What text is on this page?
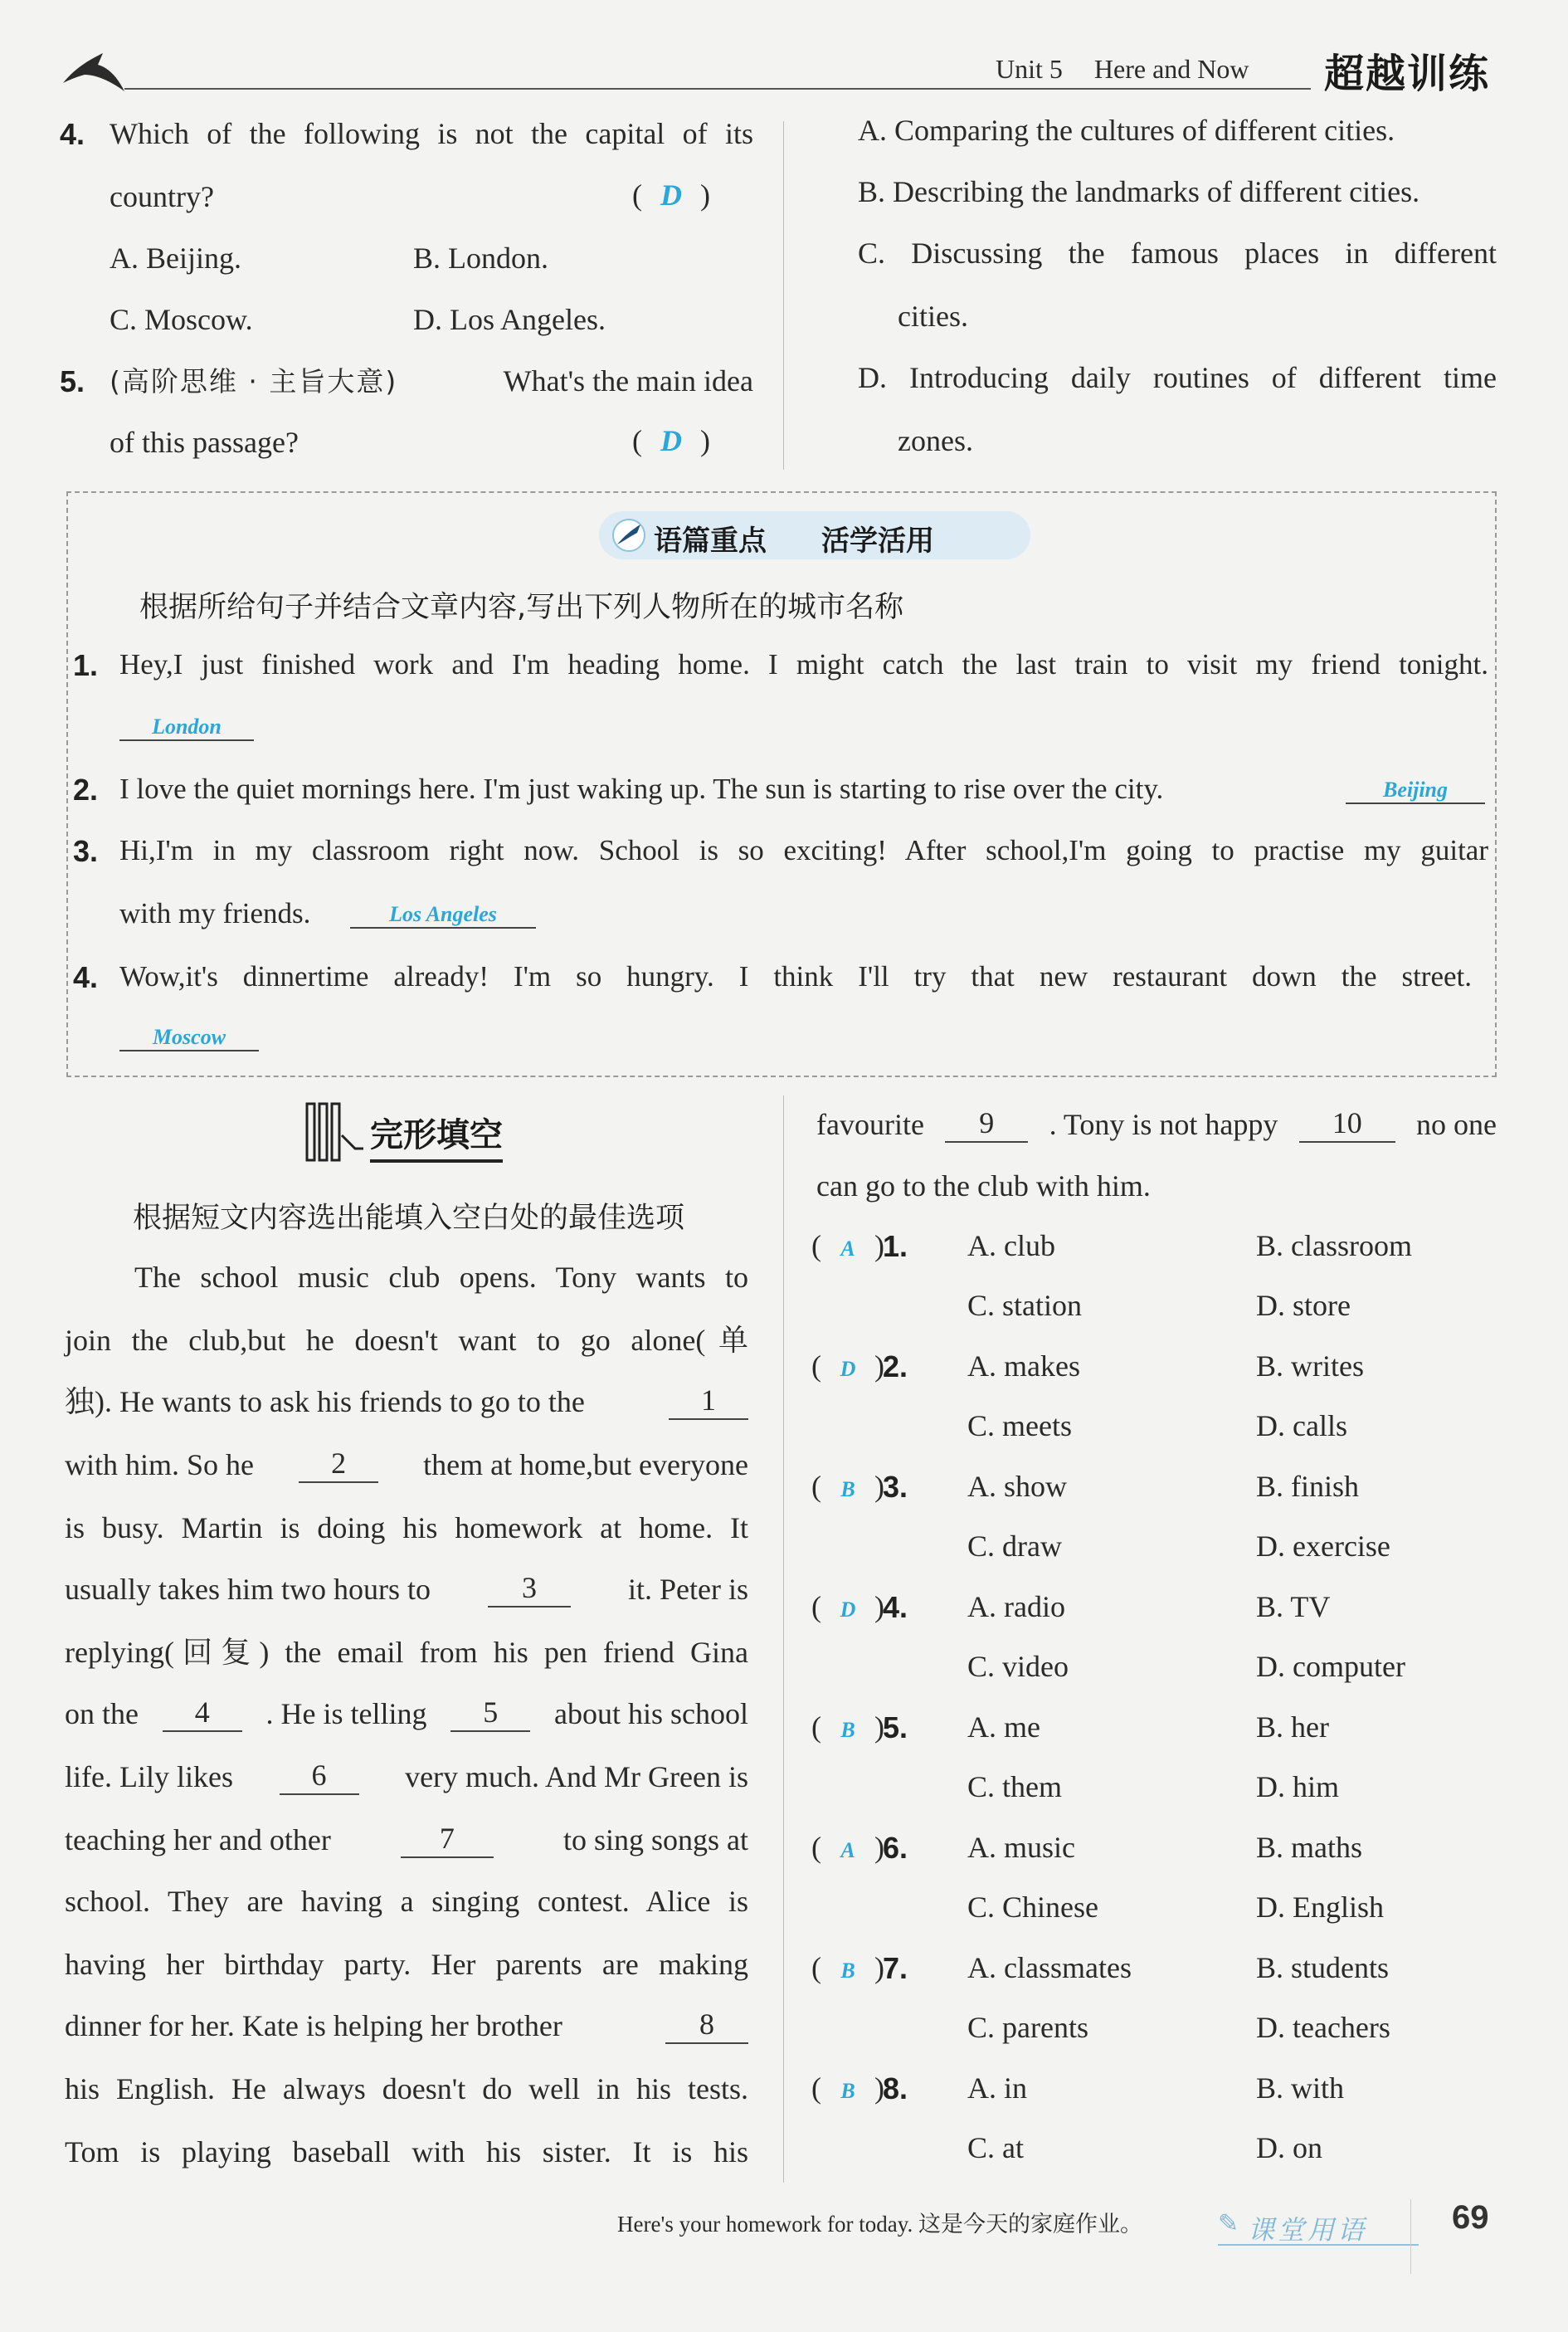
Unit 5 Here and Now 超越训练
4. Which of the following is not the capital of its
country?	( D )
A. Beijing.	B. London.
C. Moscow.	D. Los Angeles.
5. (高阶思维 · 主旨大意)	What's the main idea
of this passage?	( D )
A. Comparing the cultures of different cities.
B. Describing the landmarks of different cities.
C. Discussing the famous places in different
cities.
D. Introducing daily routines of different time
zones.
语篇重点 活学活用
根据所给句子并结合文章内容,写出下列人物所在的城市名称
1. Hey,I just finished work and I'm heading home. I might catch the last train to visit my friend tonight.
London
2. I love the quiet mornings here. I'm just waking up. The sun is starting to rise over the city.	Beijing
3. Hi,I'm in my classroom right now. School is so exciting! After school,I'm going to practise my guitar
with my friends.	Los Angeles
4. Wow,it's dinnertime already! I'm so hungry. I think I'll try that new restaurant down the street.
Moscow
完形填空
根据短文内容选出能填入空白处的最佳选项
The school music club opens. Tony wants to
join the club,but he doesn't want to go alone(单
独). He wants to ask his friends to go to the	1
with him. So he	2	them at home,but everyone
is busy. Martin is doing his homework at home. It
usually takes him two hours to	3	it. Peter is
replying(回复) the email from his pen friend Gina
on the	4	. He is telling	5	about his school
life. Lily likes	6	very much. And Mr Green is
teaching her and other	7	to sing songs at
school. They are having a singing contest. Alice is
having her birthday party. Her parents are making
dinner for her. Kate is helping her brother	8
his English. He always doesn't do well in his tests.
Tom is playing baseball with his sister. It is his
favourite	9	. Tony is not happy	10	no one
can go to the club with him.
( A )
1. A. club	B. classroom
C. station	D. store
( D )
2. A. makes	B. writes
C. meets	D. calls
( B )
3. A. show	B. finish
C. draw	D. exercise
( D )
4. A. radio	B. TV
C. video	D. computer
( B )
5. A. me	B. her
C. them	D. him
( A )
6. A. music	B. maths
C. Chinese	D. English
( B )
7. A. classmates	B. students
C. parents	D. teachers
( B )
8. A. in	B. with
C. at	D. on
Here's your homework for today. 这是今天的家庭作业。	✎ 课堂用语	69
